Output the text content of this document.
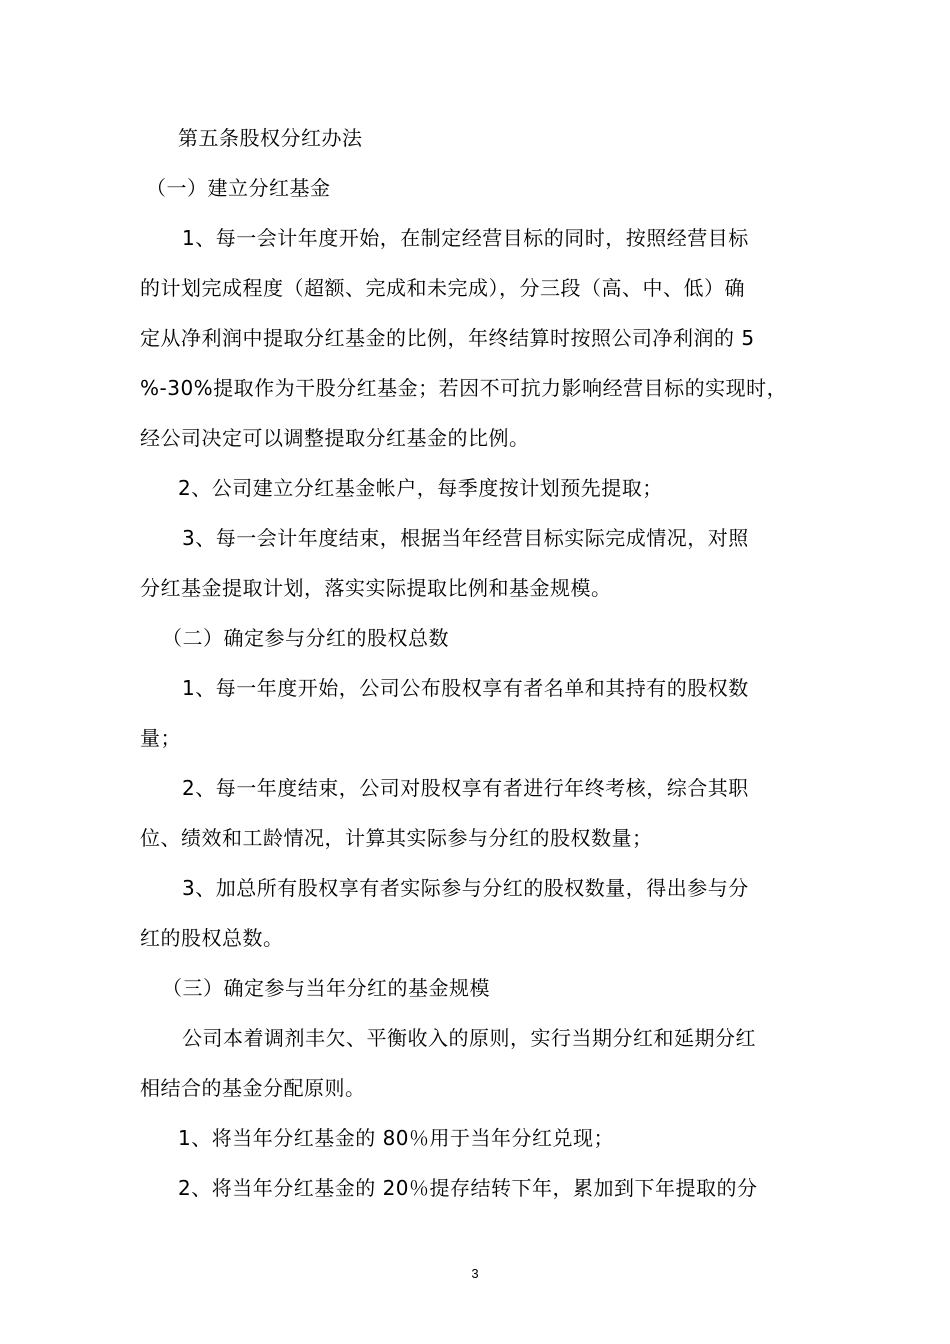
第五条股权分红办法
（一）建立分红基金
1、每一会计年度开始，在制定经营目标的同时，按照经营目标
的计划完成程度（超额、完成和未完成），分三段（高、中、低）确
定从净利润中提取分红基金的比例，年终结算时按照公司净利润的 5
%-30%提取作为干股分红基金；若因不可抗力影响经营目标的实现时，
经公司决定可以调整提取分红基金的比例。
2、公司建立分红基金帐户，每季度按计划预先提取；
3、每一会计年度结束，根据当年经营目标实际完成情况，对照
分红基金提取计划，落实实际提取比例和基金规模。
（二）确定参与分红的股权总数
1、每一年度开始，公司公布股权享有者名单和其持有的股权数
量；
2、每一年度结束，公司对股权享有者进行年终考核，综合其职
位、绩效和工龄情况，计算其实际参与分红的股权数量；
3、加总所有股权享有者实际参与分红的股权数量，得出参与分
红的股权总数。
（三）确定参与当年分红的基金规模
公司本着调剂丰欠、平衡收入的原则，实行当期分红和延期分红
相结合的基金分配原则。
1、将当年分红基金的 80％用于当年分红兑现；
2、将当年分红基金的 20％提存结转下年，累加到下年提取的分
3
